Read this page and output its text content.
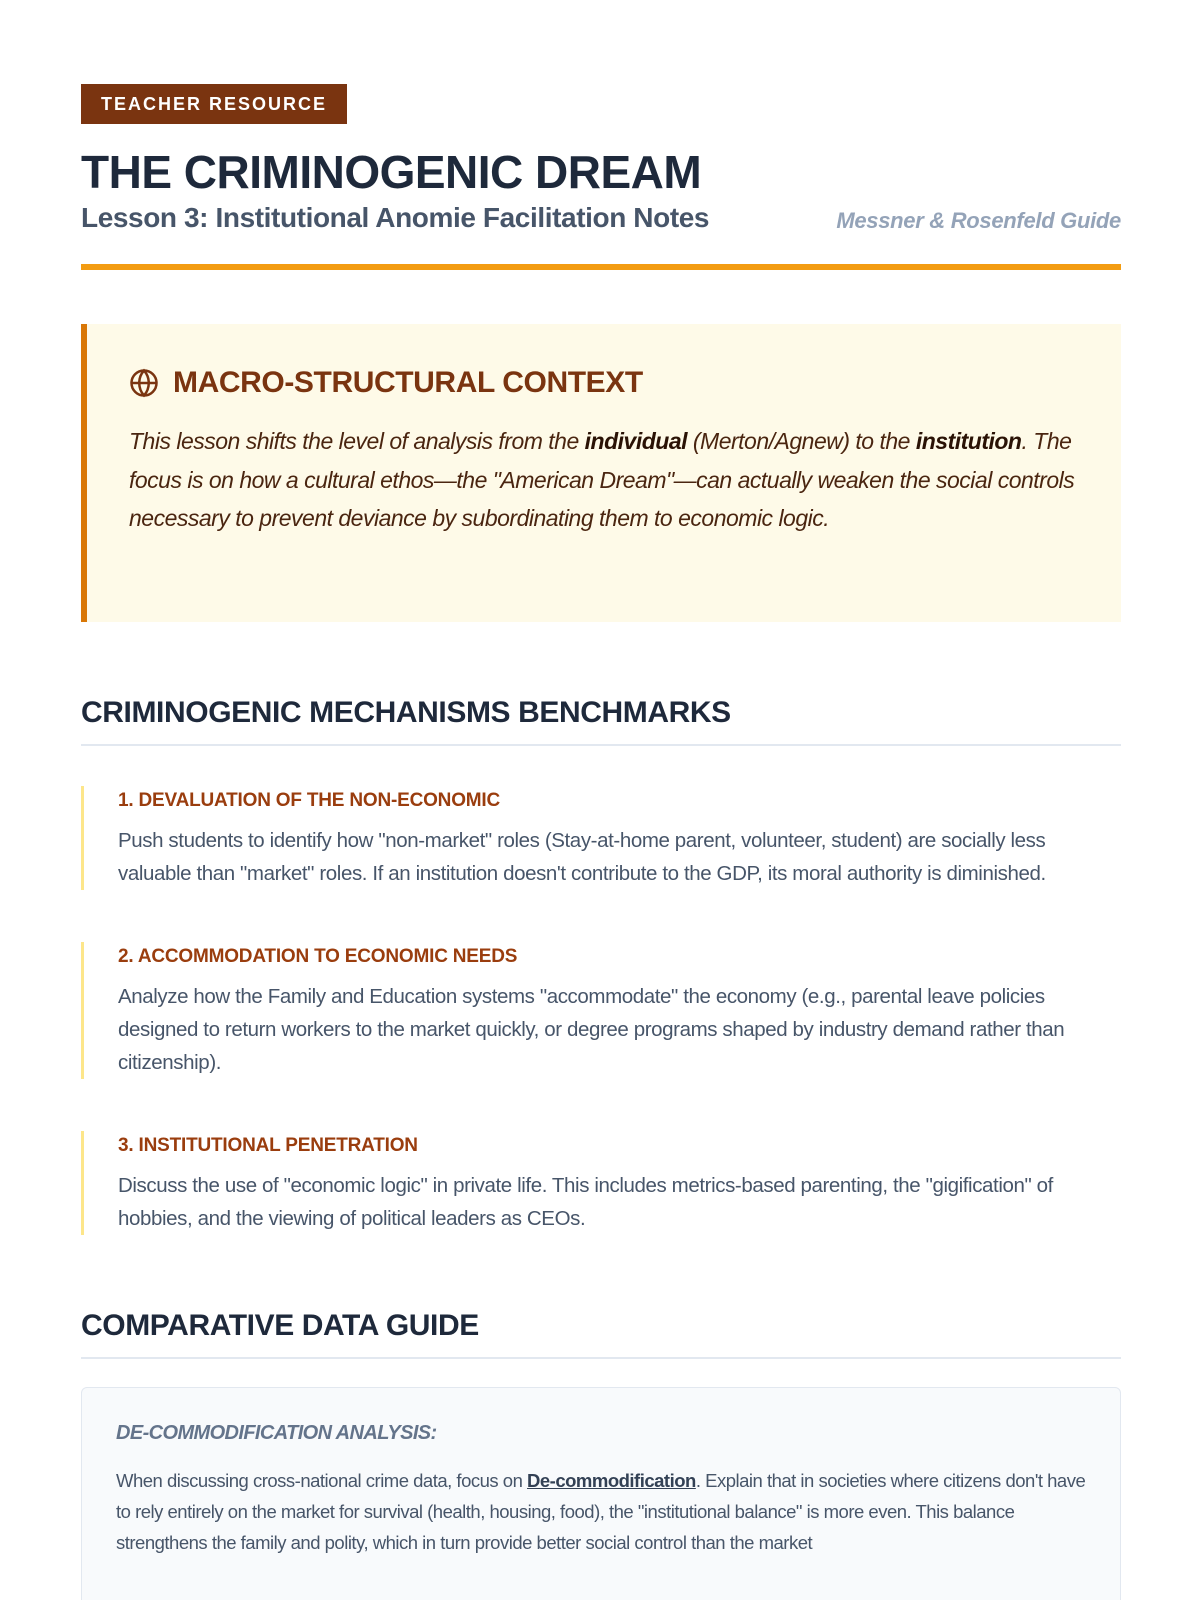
TEACHER RESOURCE
THE CRIMINOGENIC DREAM
Lesson 3: Institutional Anomie Facilitation Notes	Messner & Rosenfeld Guide
MACRO-STRUCTURAL CONTEXT

This lesson shifts the level of analysis from the individual (Merton/Agnew) to the institution. The focus is on how a cultural ethos—the "American Dream"—can actually weaken the social controls necessary to prevent deviance by subordinating them to economic logic.

CRIMINOGENIC MECHANISMS BENCHMARKS
1. DEVALUATION OF THE NON-ECONOMIC

Push students to identify how "non-market" roles (Stay-at-home parent, volunteer, student) are socially less valuable than "market" roles. If an institution doesn't contribute to the GDP, its moral authority is diminished.

2. ACCOMMODATION TO ECONOMIC NEEDS

Analyze how the Family and Education systems "accommodate" the economy (e.g., parental leave policies designed to return workers to the market quickly, or degree programs shaped by industry demand rather than citizenship).

3. INSTITUTIONAL PENETRATION

Discuss the use of "economic logic" in private life. This includes metrics-based parenting, the "gigification" of hobbies, and the viewing of political leaders as CEOs.

COMPARATIVE DATA GUIDE
DE-COMMODIFICATION ANALYSIS:

When discussing cross-national crime data, focus on De-commodification. Explain that in societies where citizens don't have to rely entirely on the market for survival (health, housing, food), the "institutional balance" is more even. This balance strengthens the family and polity, which in turn provide better social control than the market
